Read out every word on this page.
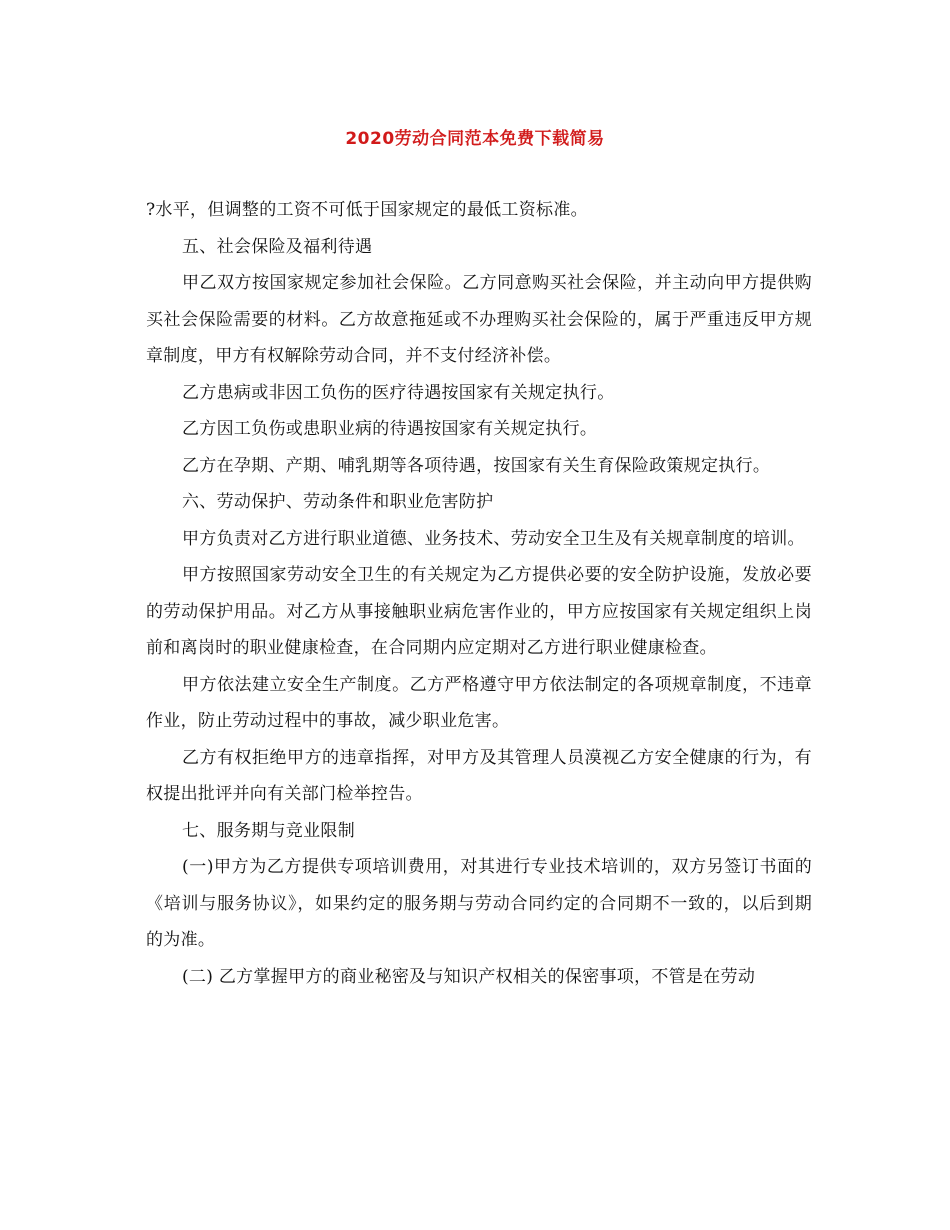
2020劳动合同范本免费下载简易

?水平，但调整的工资不可低于国家规定的最低工资标准。

五、社会保险及福利待遇

甲乙双方按国家规定参加社会保险。乙方同意购买社会保险，并主动向甲方提供购买社会保险需要的材料。乙方故意拖延或不办理购买社会保险的，属于严重违反甲方规章制度，甲方有权解除劳动合同，并不支付经济补偿。

乙方患病或非因工负伤的医疗待遇按国家有关规定执行。

乙方因工负伤或患职业病的待遇按国家有关规定执行。

乙方在孕期、产期、哺乳期等各项待遇，按国家有关生育保险政策规定执行。

六、劳动保护、劳动条件和职业危害防护

甲方负责对乙方进行职业道德、业务技术、劳动安全卫生及有关规章制度的培训。

甲方按照国家劳动安全卫生的有关规定为乙方提供必要的安全防护设施，发放必要的劳动保护用品。对乙方从事接触职业病危害作业的，甲方应按国家有关规定组织上岗前和离岗时的职业健康检查，在合同期内应定期对乙方进行职业健康检查。

甲方依法建立安全生产制度。乙方严格遵守甲方依法制定的各项规章制度，不违章作业，防止劳动过程中的事故，减少职业危害。

乙方有权拒绝甲方的违章指挥，对甲方及其管理人员漠视乙方安全健康的行为，有权提出批评并向有关部门检举控告。

七、服务期与竞业限制

(一)甲方为乙方提供专项培训费用，对其进行专业技术培训的，双方另签订书面的《培训与服务协议》，如果约定的服务期与劳动合同约定的合同期不一致的，以后到期的为准。

(二) 乙方掌握甲方的商业秘密及与知识产权相关的保密事项，不管是在劳动
